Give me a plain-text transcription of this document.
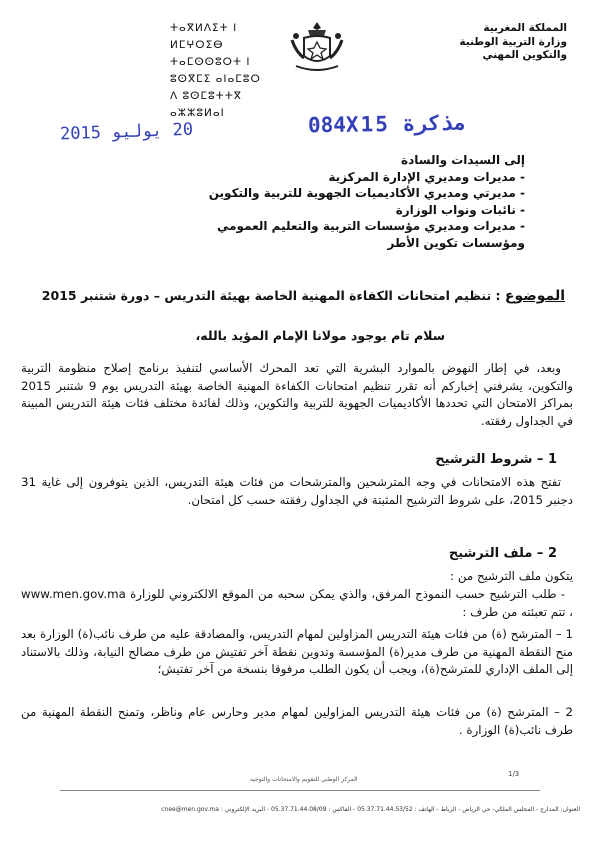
المملكة المغربية
وزارة التربية الوطنية
والتكوين المهني
ⵜⴰⴳⵍⴷⵉⵜ ⵏ ⵍⵎⵖⵔⵉⴱ
ⵜⴰⵎⵙⵙⵓⵔⵜ ⵏ ⵓⵙⴳⵎⵉ ⴰⵏⴰⵎⵓⵔ
ⴷ ⵓⵙⵎⵓⵜⵜⴳ ⴰⵣⵣⵓⵍⴰⵏ
20 يوليو 2015	مذكرة 084X15
إلى السيدات والسادة
- مديرات ومديري الإدارة المركزية
- مديرتي ومديري الأكاديميات الجهوية للتربية والتكوين
- نائبات ونواب الوزارة
- مديرات ومديري مؤسسات التربية والتعليم العمومي
ومؤسسات تكوين الأطر
الموضوع : تنظيم امتحانات الكفاءة المهنية الخاصة بهيئة التدريس – دورة شتنبر 2015
سلام تام بوجود مولانا الإمام المؤيد بالله،
وبعد، في إطار النهوض بالموارد البشرية التي تعد المحرك الأساسي لتنفيذ برنامج إصلاح منظومة التربية والتكوين، يشرفني إخباركم أنه تقرر تنظيم امتحانات الكفاءة المهنية الخاصة بهيئة التدريس يوم 9 شتنبر 2015 بمراكز الامتحان التي تحددها الأكاديميات الجهوية للتربية والتكوين، وذلك لفائدة مختلف فئات هيئة التدريس المبينة في الجداول رفقته.
1 – شروط الترشيح
تفتح هذه الامتحانات في وجه المترشحين والمترشحات من فئات هيئة التدريس، الذين يتوفرون إلى غاية 31 دجنبر 2015، على شروط الترشيح المثبتة في الجداول رفقته حسب كل امتحان.
2 – ملف الترشيح
يتكون ملف الترشيح من :
- طلب الترشيح حسب النموذج المرفق، والذي يمكن سحبه من الموقع الالكتروني للوزارة www.men.gov.ma ، تتم تعبئته من طرف :
1 – المترشح (ة) من فئات هيئة التدريس المزاولين لمهام التدريس، والمصادقة عليه من طرف نائب(ة) الوزارة بعد منح النقطة المهنية من طرف مدير(ة) المؤسسة وتدوين نقطة آخر تفتيش من طرف مصالح النيابة، وذلك بالاستناد إلى الملف الإداري للمترشح(ة)، ويجب أن يكون الطلب مرفوقا بنسخة من آخر تفتيش؛
2 – المترشح (ة) من فئات هيئة التدريس المزاولين لمهام مدير وحارس عام وناظر، وتمنح النقطة المهنية من طرف نائب(ة) الوزارة .
المركز الوطني للتقويم والامتحانات والتوجيه
1/3
العنوان: المدارج - المجلس الملكي- حي الرياض - الرباط - الهاتف : 05.37.71.44.53/52 - الفاكس : 05.37.71.44.08/09 - البريد الإلكتروني : cnee@men.gov.ma
